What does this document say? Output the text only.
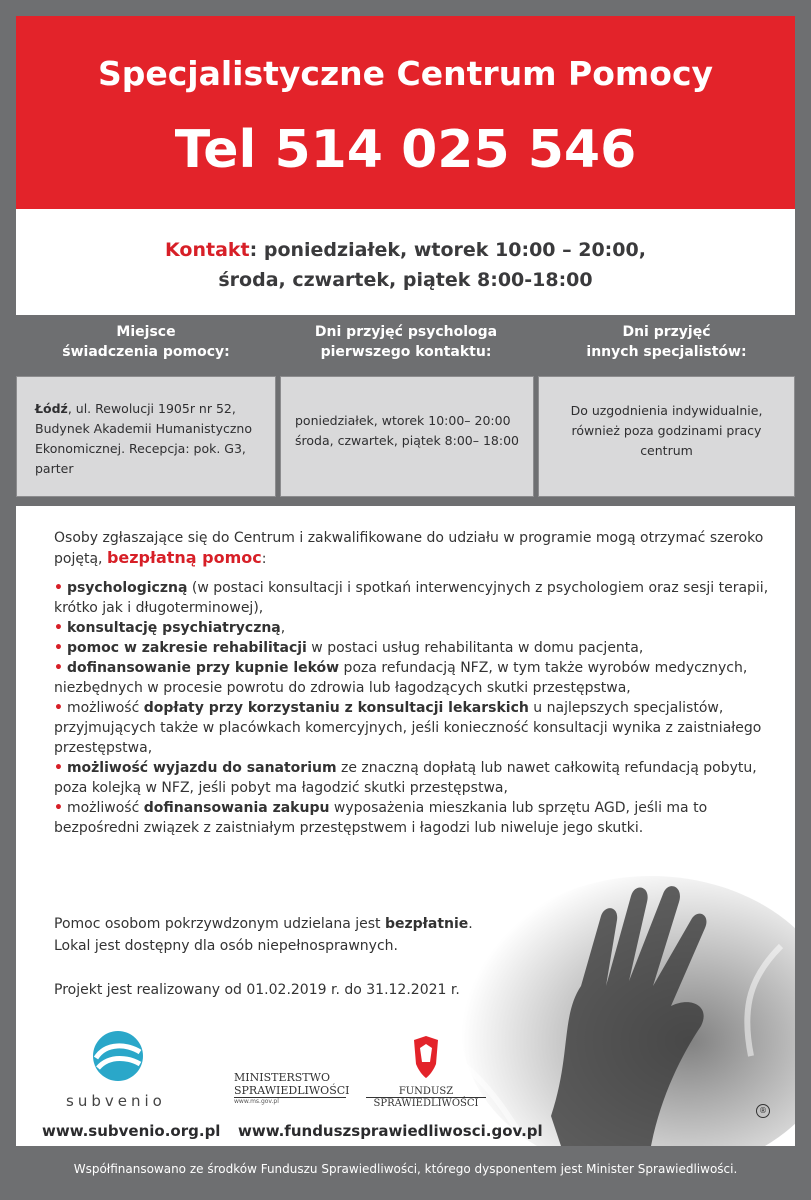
Specjalistyczne Centrum Pomocy
Tel 514 025 546
Kontakt: poniedziałek, wtorek 10:00 – 20:00,
środa, czwartek, piątek 8:00-18:00
Miejsce
świadczenia pomocy:
Dni przyjęć psychologa
pierwszego kontaktu:
Dni przyjęć
innych specjalistów:
Łódź, ul. Rewolucji 1905r nr 52, Budynek Akademii Humanistyczno Ekonomicznej. Recepcja: pok. G3, parter
poniedziałek, wtorek 10:00– 20:00
środa, czwartek, piątek 8:00– 18:00
Do uzgodnienia indywidualnie, również poza godzinami pracy centrum
Osoby zgłaszające się do Centrum i zakwalifikowane do udziału w programie mogą otrzymać szeroko pojętą, bezpłatną pomoc:
• psychologiczną (w postaci konsultacji i spotkań interwencyjnych z psychologiem oraz sesji terapii, krótko jak i długoterminowej),
• konsultację psychiatryczną,
• pomoc w zakresie rehabilitacji w postaci usług rehabilitanta w domu pacjenta,
• dofinansowanie przy kupnie leków poza refundacją NFZ, w tym także wyrobów medycznych, niezbędnych w procesie powrotu do zdrowia lub łagodzących skutki przestępstwa,
• możliwość dopłaty przy korzystaniu z konsultacji lekarskich u najlepszych specjalistów, przyjmujących także w placówkach komercyjnych, jeśli konieczność konsultacji wynika z zaistniałego przestępstwa,
• możliwość wyjazdu do sanatorium ze znaczną dopłatą lub nawet całkowitą refundacją pobytu, poza kolejką w NFZ, jeśli pobyt ma łagodzić skutki przestępstwa,
• możliwość dofinansowania zakupu wyposażenia mieszkania lub sprzętu AGD, jeśli ma to bezpośredni związek z zaistniałym przestępstwem i łagodzi lub niweluje jego skutki.
Pomoc osobom pokrzywdzonym udzielana jest bezpłatnie.
Lokal jest dostępny dla osób niepełnosprawnych.
Projekt jest realizowany od 01.02.2019 r. do 31.12.2021 r.
subvenio
MINISTERSTWO
SPRAWIEDLIWOŚCI
www.ms.gov.pl
FUNDUSZ
SPRAWIEDLIWOŚCI
®
www.subvenio.org.pl www.funduszsprawiedliwosci.gov.pl
Współfinansowano ze środków Funduszu Sprawiedliwości, którego dysponentem jest Minister Sprawiedliwości.
